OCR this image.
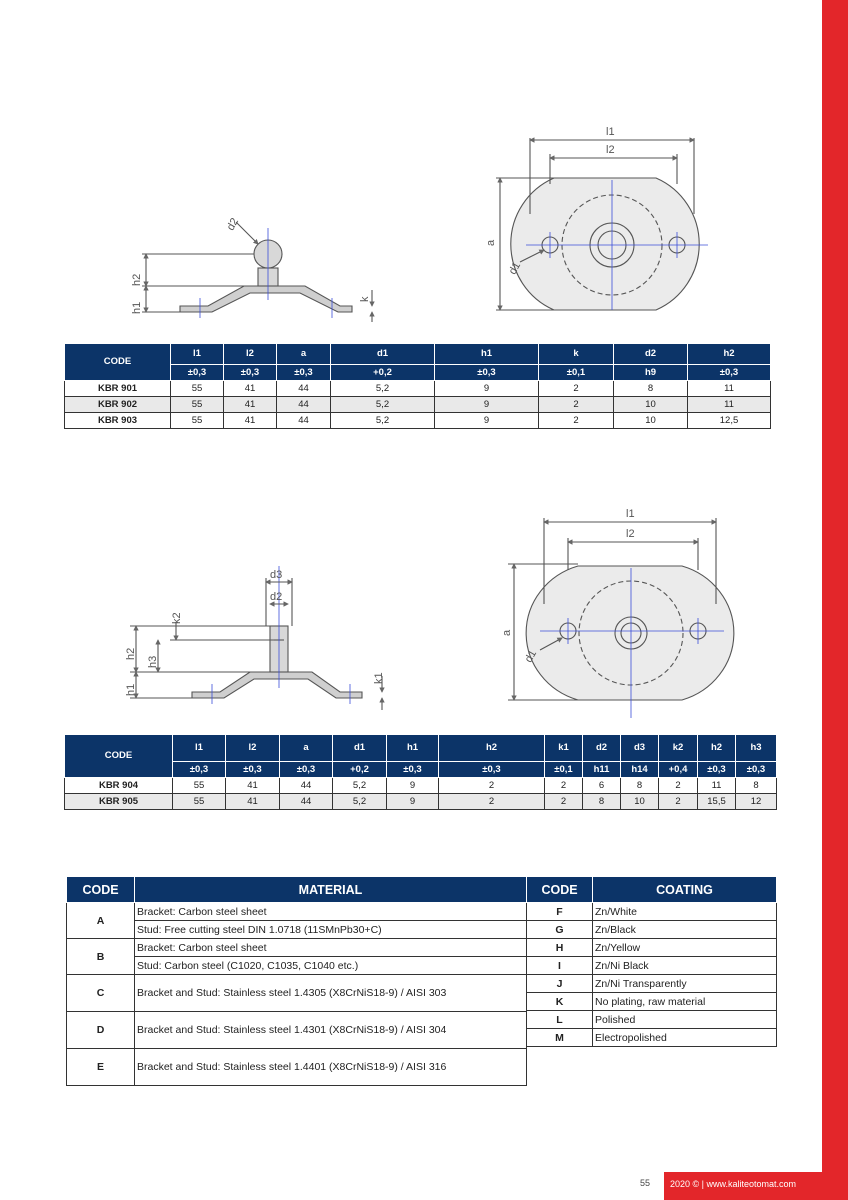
d2
h2
h1
k
l1
l2
a
d1
d3
d2
k2
h2
h3
h1
k1
l1
l2
a
d1
CODE	l1	l2	a	d1	h1	k	d2	h2
	±0,3	±0,3	±0,3	+0,2	±0,3	±0,1	h9	±0,3
KBR 901	55	41	44	5,2	9	2	8	11
KBR 902	55	41	44	5,2	9	2	10	11
KBR 903	55	41	44	5,2	9	2	10	12,5
CODE	l1	l2	a	d1	h1	h2	k1	d2	d3	k2	h2	h3
	±0,3	±0,3	±0,3	+0,2	±0,3	±0,3	±0,1	h11	h14	+0,4	±0,3	±0,3
KBR 904	55	41	44	5,2	9	2	2	6	8	2	11	8
KBR 905	55	41	44	5,2	9	2	2	8	10	2	15,5	12
CODE	MATERIAL
A	Bracket: Carbon steel sheet
	Stud: Free cutting steel DIN 1.0718 (11SMnPb30+C)
B	Bracket: Carbon steel sheet
	Stud: Carbon steel (C1020, C1035, C1040 etc.)
C	Bracket and Stud: Stainless steel 1.4305 (X8CrNiS18-9) / AISI 303
D	Bracket and Stud: Stainless steel 1.4301 (X8CrNiS18-9) / AISI 304
E	Bracket and Stud: Stainless steel 1.4401 (X8CrNiS18-9) / AISI 316
CODE	COATING
F	Zn/White
G	Zn/Black
H	Zn/Yellow
I	Zn/Ni Black
J	Zn/Ni Transparently
K	No plating, raw material
L	Polished
M	Electropolished
55 2020 © | www.kaliteotomat.com
